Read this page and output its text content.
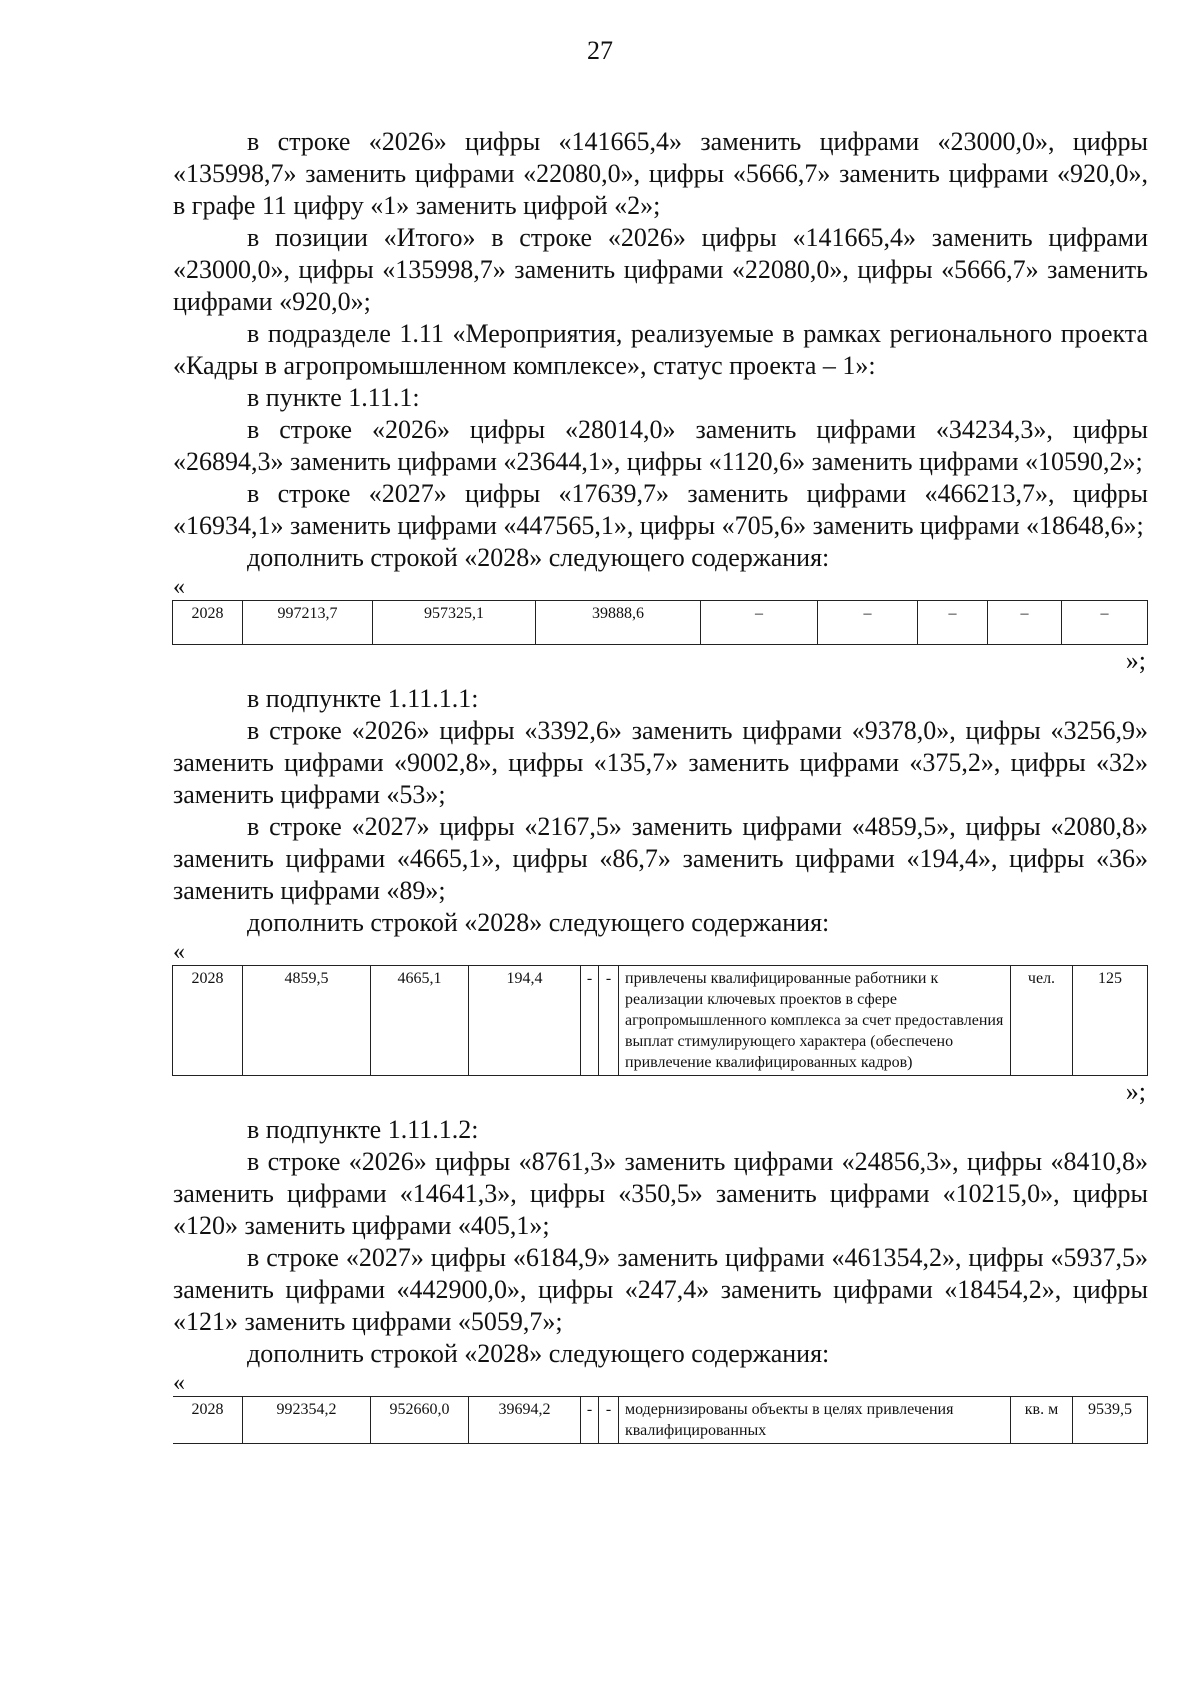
27

в строке «2026» цифры «141665,4» заменить цифрами «23000,0», цифры «135998,7» заменить цифрами «22080,0», цифры «5666,7» заменить цифрами «920,0», в графе 11 цифру «1» заменить цифрой «2»;

в позиции «Итого» в строке «2026» цифры «141665,4» заменить цифрами «23000,0», цифры «135998,7» заменить цифрами «22080,0», цифры «5666,7» заменить цифрами «920,0»;

в подразделе 1.11 «Мероприятия, реализуемые в рамках регионального проекта «Кадры в агропромышленном комплексе», статус проекта – 1»:

в пункте 1.11.1:

в строке «2026» цифры «28014,0» заменить цифрами «34234,3», цифры «26894,3» заменить цифрами «23644,1», цифры «1120,6» заменить цифрами «10590,2»;

в строке «2027» цифры «17639,7» заменить цифрами «466213,7», цифры «16934,1» заменить цифрами «447565,1», цифры «705,6» заменить цифрами «18648,6»;

дополнить строкой «2028» следующего содержания:

«
2028	997213,7	957325,1	39888,6	–	–	–	–	–
»;

в подпункте 1.11.1.1:

в строке «2026» цифры «3392,6» заменить цифрами «9378,0», цифры «3256,9» заменить цифрами «9002,8», цифры «135,7» заменить цифрами «375,2», цифры «32» заменить цифрами «53»;

в строке «2027» цифры «2167,5» заменить цифрами «4859,5», цифры «2080,8» заменить цифрами «4665,1», цифры «86,7» заменить цифрами «194,4», цифры «36» заменить цифрами «89»;

дополнить строкой «2028» следующего содержания:

«
2028	4859,5	4665,1	194,4	-	-	привлечены квалифицированные работники к реализации ключевых проектов в сфере агропромышленного комплекса за счет предоставления выплат стимулирующего характера (обеспечено привлечение квалифицированных кадров)	чел.	125
»;

в подпункте 1.11.1.2:

в строке «2026» цифры «8761,3» заменить цифрами «24856,3», цифры «8410,8» заменить цифрами «14641,3», цифры «350,5» заменить цифрами «10215,0», цифры «120» заменить цифрами «405,1»;

в строке «2027» цифры «6184,9» заменить цифрами «461354,2», цифры «5937,5» заменить цифрами «442900,0», цифры «247,4» заменить цифрами «18454,2», цифры «121» заменить цифрами «5059,7»;

дополнить строкой «2028» следующего содержания:

«
2028	992354,2	952660,0	39694,2	-	-	модернизированы объекты в целях привлечения квалифицированных	кв. м	9539,5
